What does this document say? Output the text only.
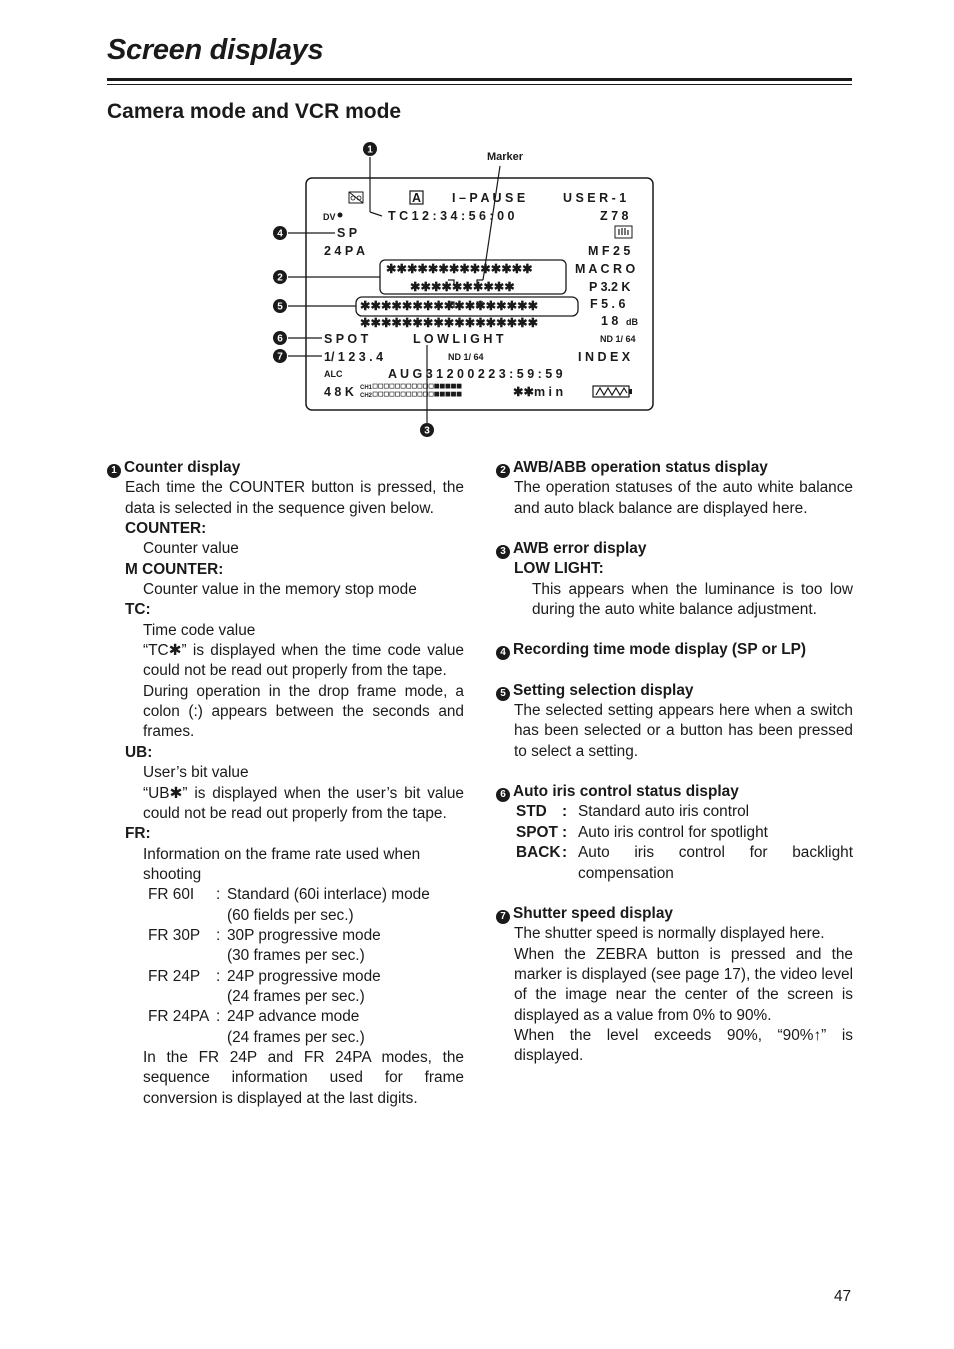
Screen displays
Camera mode and VCR mode
Marker
A I – P A U S E	U S E R - 1
DV	T C 1 2 : 3 4 : 5 6 : 0 0	Z 7 8
S P
2 4 P A	M F 2 5
✱✱✱✱✱✱✱✱✱✱✱✱✱✱	M A C R O
✱✱✱✱✱✱✱✱✱✱	P 3.2 K
✱✱✱✱✱✱✱✱✱✱✱✱✱✱✱✱✱	F 5 . 6
✱✱✱✱✱✱✱✱✱✱✱✱✱✱✱✱✱	1 8 dB
S P O T	L O W L I G H T	ND 1/ 64
1/ 1 2 3 . 4	ND 1/ 64	I N D E X
ALC	A U G 3 1 2 0 0 2 2 3 : 5 9 : 5 9
4 8 K CH1
CH2	✱✱m i n
1
4
2
5
6
7
3
1 Counter display
Each time the COUNTER button is pressed, the data is selected in the sequence given below.
COUNTER:
Counter value
M COUNTER:
Counter value in the memory stop mode
TC:
Time code value
“TC✱” is displayed when the time code value could not be read out properly from the tape.
During operation in the drop frame mode, a colon (:) appears between the seconds and frames.
UB:
User’s bit value
“UB✱” is displayed when the user’s bit value could not be read out properly from the tape.
FR:
Information on the frame rate used when shooting
FR 60I	: Standard (60i interlace) mode
(60 fields per sec.)
FR 30P	: 30P progressive mode
(30 frames per sec.)
FR 24P	: 24P progressive mode
(24 frames per sec.)
FR 24PA : 24P advance mode
(24 frames per sec.)
In the FR 24P and FR 24PA modes, the sequence information used for frame conversion is displayed at the last digits.
2 AWB/ABB operation status display
The operation statuses of the auto white balance and auto black balance are displayed here.
3 AWB error display
LOW LIGHT:
This appears when the luminance is too low during the auto white balance adjustment.
4 Recording time mode display (SP or LP)
5 Setting selection display
The selected setting appears here when a switch has been selected or a button has been pressed to select a setting.
6 Auto iris control status display
STD : Standard auto iris control
SPOT : Auto iris control for spotlight
BACK : Auto iris control for backlight compensation
7 Shutter speed display
The shutter speed is normally displayed here.
When the ZEBRA button is pressed and the marker is displayed (see page 17), the video level of the image near the center of the screen is displayed as a value from 0% to 90%.
When the level exceeds 90%, “90%↑” is displayed.
47
